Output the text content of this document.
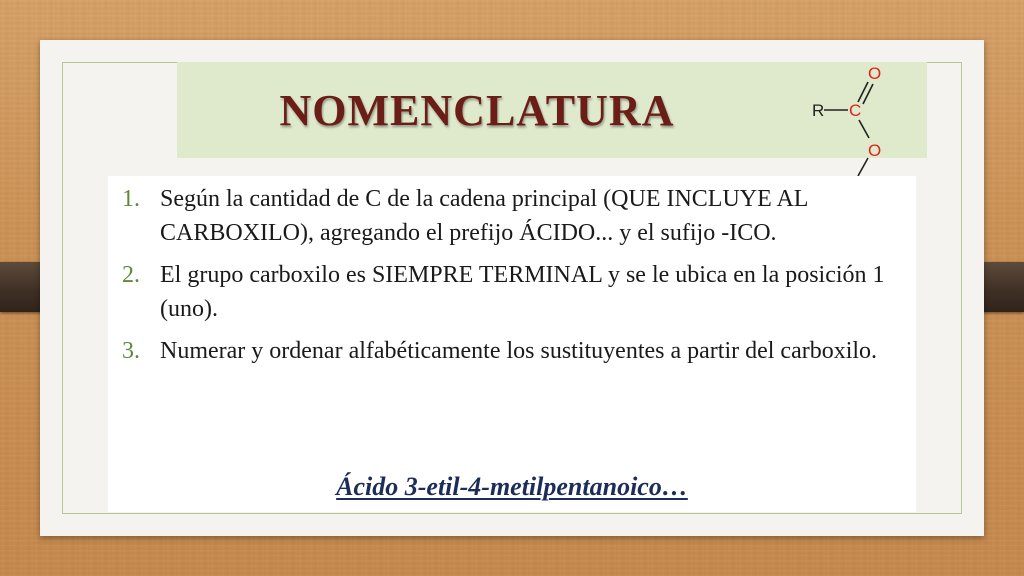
NOMENCLATURA	R C
O
O
1. Según la cantidad de C de la cadena principal (QUE INCLUYE AL CARBOXILO), agregando el prefijo ÁCIDO... y el sufijo -ICO.
2. El grupo carboxilo es SIEMPRE TERMINAL y se le ubica en la posición 1 (uno).
3. Numerar y ordenar alfabéticamente los sustituyentes a partir del carboxilo.
Ácido 3-etil-4-metilpentanoico…
